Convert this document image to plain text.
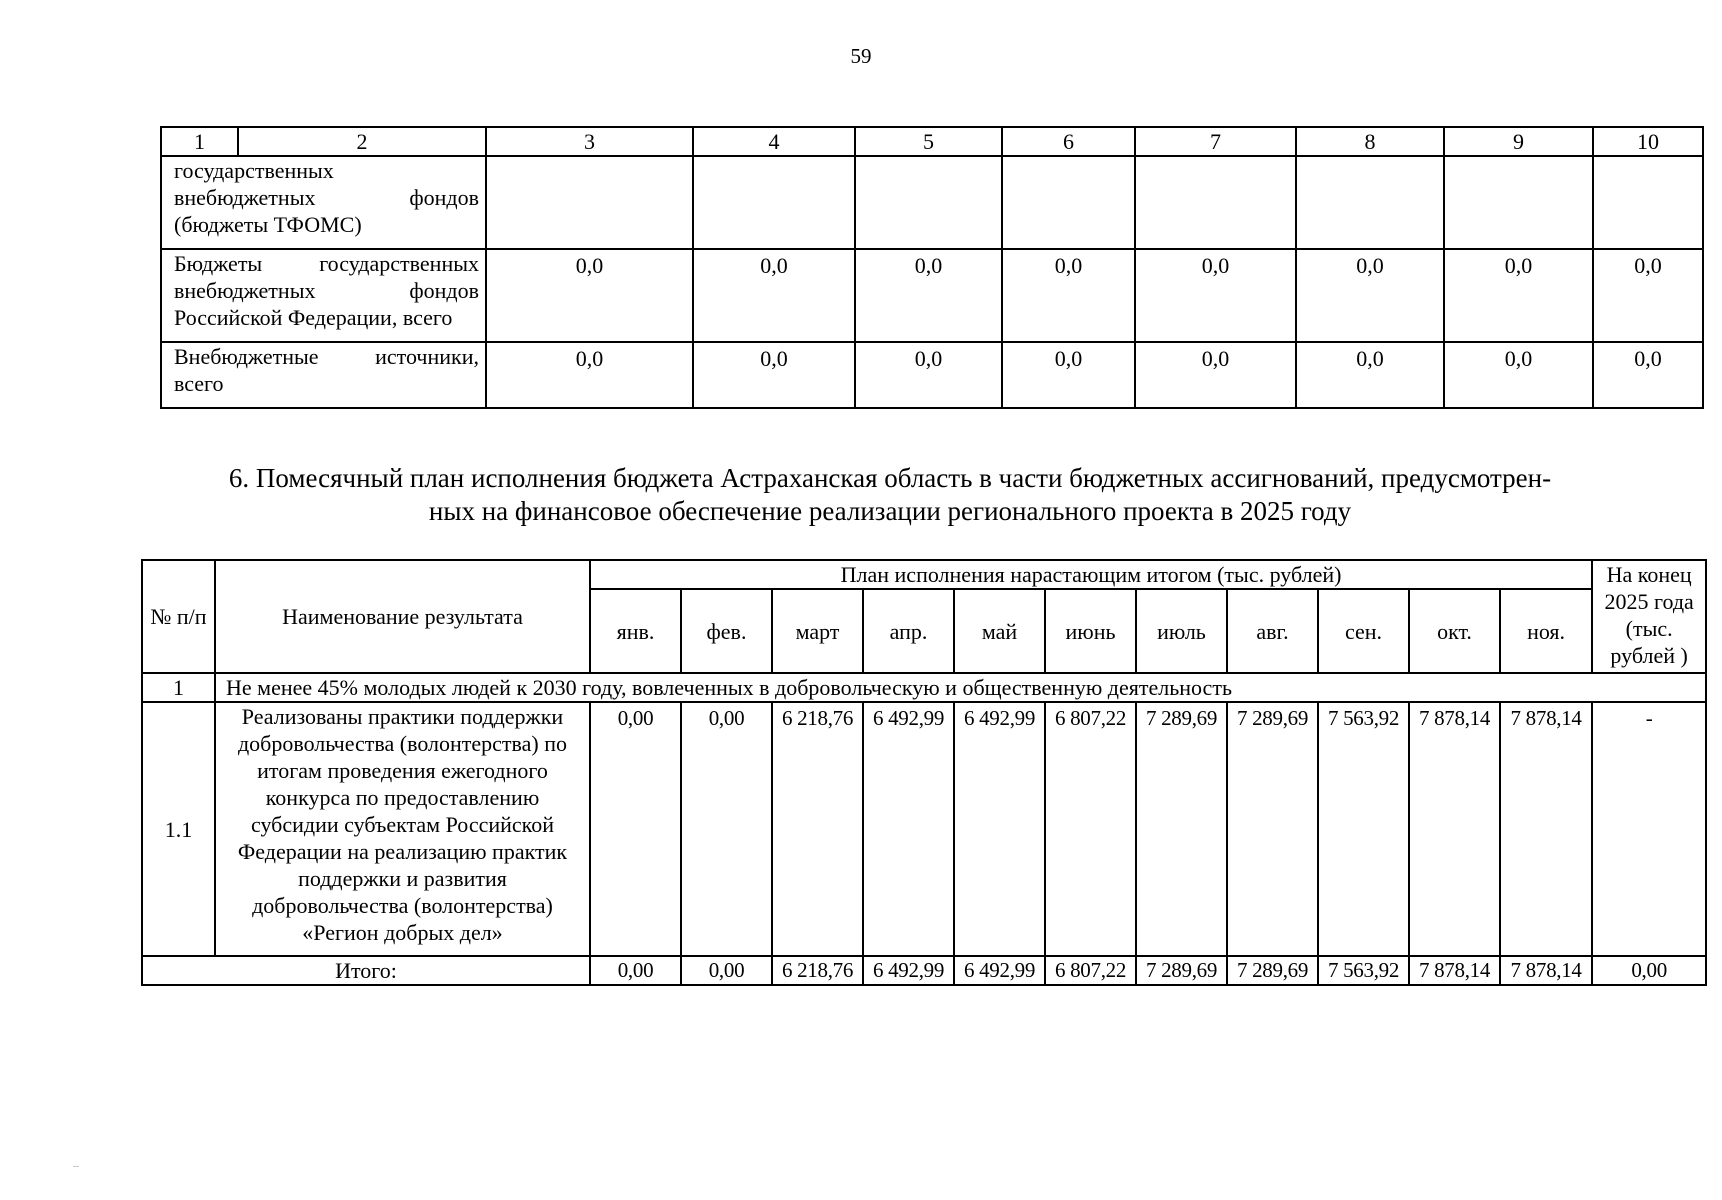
59
1	2	3	4	5	6	7	8	9	10
государственных внебюджетных фондов (бюджеты ТФОМС)									
Бюджеты государственных внебюджетных фондов Российской Федерации, всего		0,0	0,0	0,0	0,0	0,0	0,0	0,0	0,0
Внебюджетные источники, всего		0,0	0,0	0,0	0,0	0,0	0,0	0,0	0,0
6. Помесячный план исполнения бюджета Астраханская область в части бюджетных ассигнований, предусмотрен-
ных на финансовое обеспечение реализации регионального проекта в 2025 году
№ п/п	Наименование результата	План исполнения нарастающим итогом (тыс. рублей)											На конец 2025 года (тыс. рублей )
		янв.	фев.	март	апр.	май	июнь	июль	авг.	сен.	окт.	ноя.	
1	Не менее 45% молодых людей к 2030 году, вовлеченных в добровольческую и общественную деятельность												
1.1	Реализованы практики поддержки добровольчества (волонтерства) по итогам проведения ежегодного конкурса по предоставлению субсидии субъектам Российской Федерации на реализацию практик поддержки и развития добровольчества (волонтерства) «Регион добрых дел»	0,00	0,00	6 218,76	6 492,99	6 492,99	6 807,22	7 289,69	7 289,69	7 563,92	7 878,14	7 878,14	-
Итого:		0,00	0,00	6 218,76	6 492,99	6 492,99	6 807,22	7 289,69	7 289,69	7 563,92	7 878,14	7 878,14	0,00
